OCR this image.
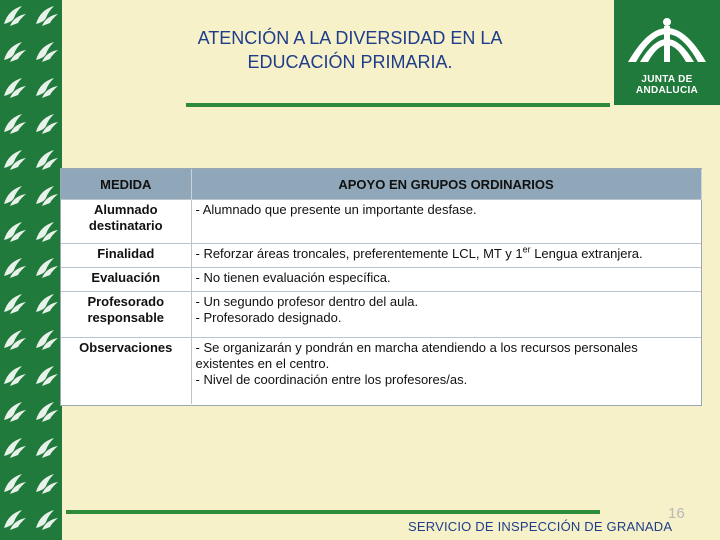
ATENCIÓN A LA DIVERSIDAD EN LA
EDUCACIÓN PRIMARIA.
JUNTA DE ANDALUCIA
MEDIDA	APOYO EN GRUPOS ORDINARIOS
Alumnado destinatario	- Alumnado que presente un importante desfase.

Finalidad	- Reforzar áreas troncales, preferentemente LCL, MT y 1er Lengua extranjera.
Evaluación	- No tienen evaluación específica.

Profesorado responsable	- Un segundo profesor dentro del aula.
- Profesorado designado.

Observaciones	- Se organizarán y pondrán en marcha atendiendo a los recursos personales existentes en el centro.
- Nivel de coordinación entre los profesores/as.
16
SERVICIO DE INSPECCIÓN DE GRANADA
